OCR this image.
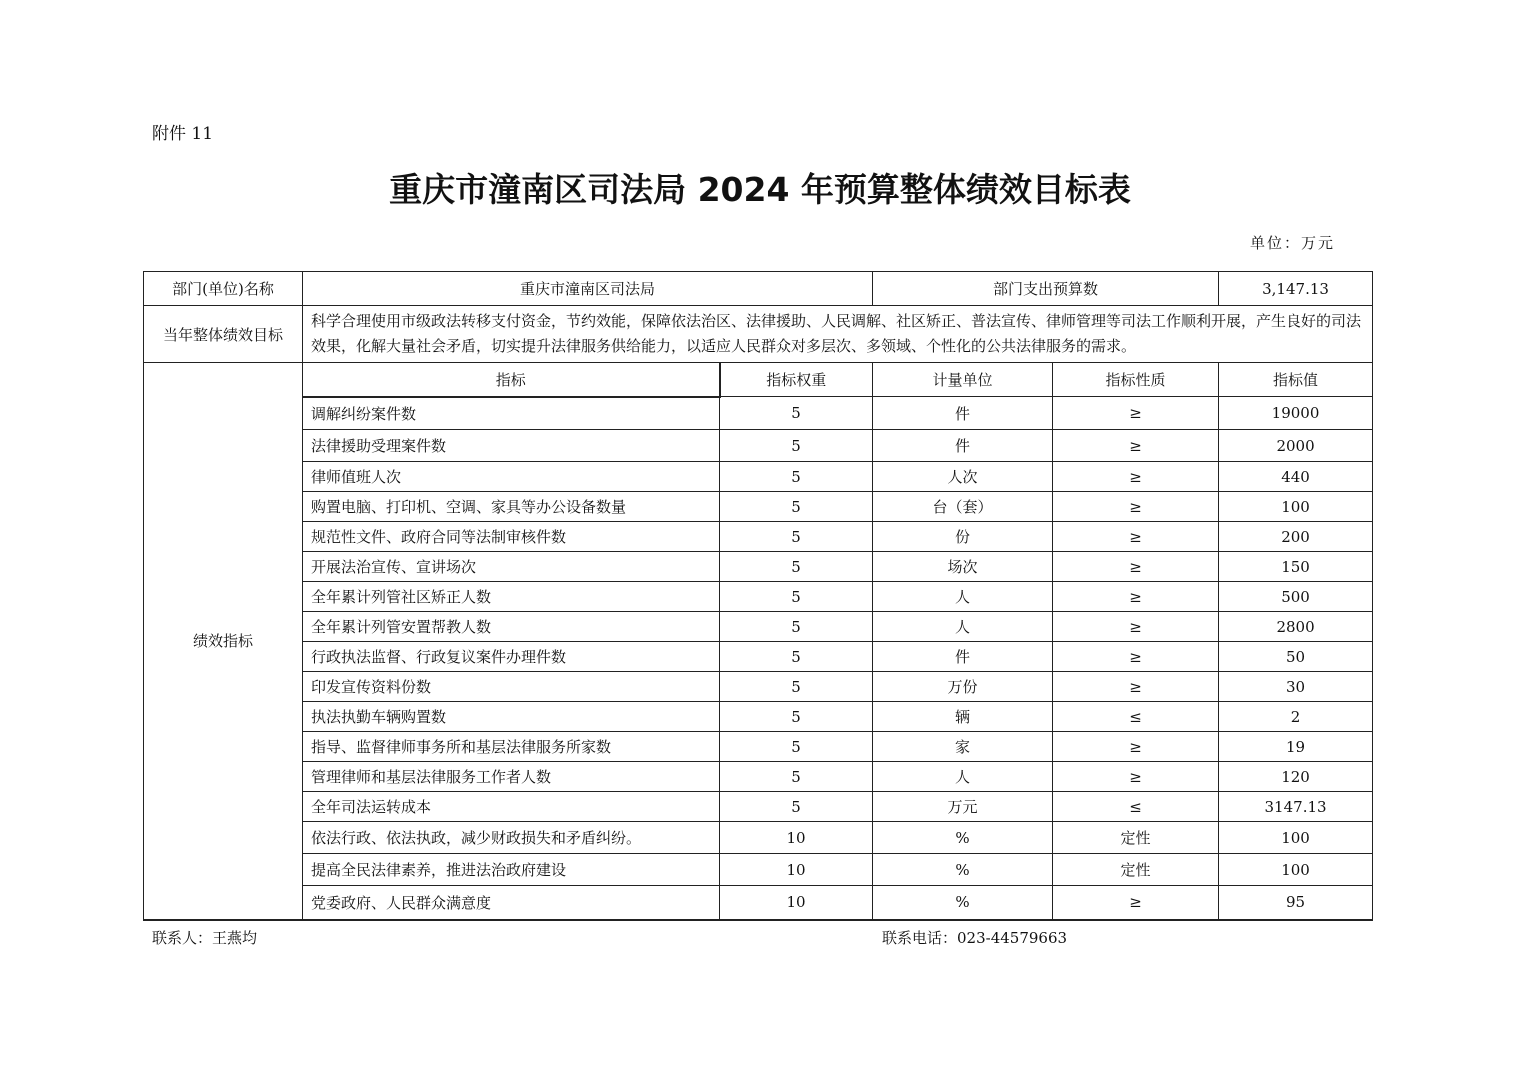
附件 11
重庆市潼南区司法局 2024 年预算整体绩效目标表
单位：万元
部门(单位)名称	重庆市潼南区司法局		部门支出预算数		3,147.13
当年整体绩效目标	科学合理使用市级政法转移支付资金，节约效能，保障依法治区、法律援助、人民调解、社区矫正、普法宣传、律师管理等司法工作顺利开展，产生良好的司法效果，化解大量社会矛盾，切实提升法律服务供给能力，以适应人民群众对多层次、多领域、个性化的公共法律服务的需求。				
绩效指标	指标	指标权重	计量单位	指标性质	指标值
	调解纠纷案件数	5	件	≥	19000
	法律援助受理案件数	5	件	≥	2000
	律师值班人次	5	人次	≥	440
	购置电脑、打印机、空调、家具等办公设备数量	5	台（套）	≥	100
	规范性文件、政府合同等法制审核件数	5	份	≥	200
	开展法治宣传、宣讲场次	5	场次	≥	150
	全年累计列管社区矫正人数	5	人	≥	500
	全年累计列管安置帮教人数	5	人	≥	2800
	行政执法监督、行政复议案件办理件数	5	件	≥	50
	印发宣传资料份数	5	万份	≥	30
	执法执勤车辆购置数	5	辆	≤	2
	指导、监督律师事务所和基层法律服务所家数	5	家	≥	19
	管理律师和基层法律服务工作者人数	5	人	≥	120
	全年司法运转成本	5	万元	≤	3147.13
	依法行政、依法执政，减少财政损失和矛盾纠纷。	10	%	定性	100
	提高全民法律素养，推进法治政府建设	10	%	定性	100
	党委政府、人民群众满意度	10	%	≥	95
联系人：王燕均	联系电话：023-44579663
